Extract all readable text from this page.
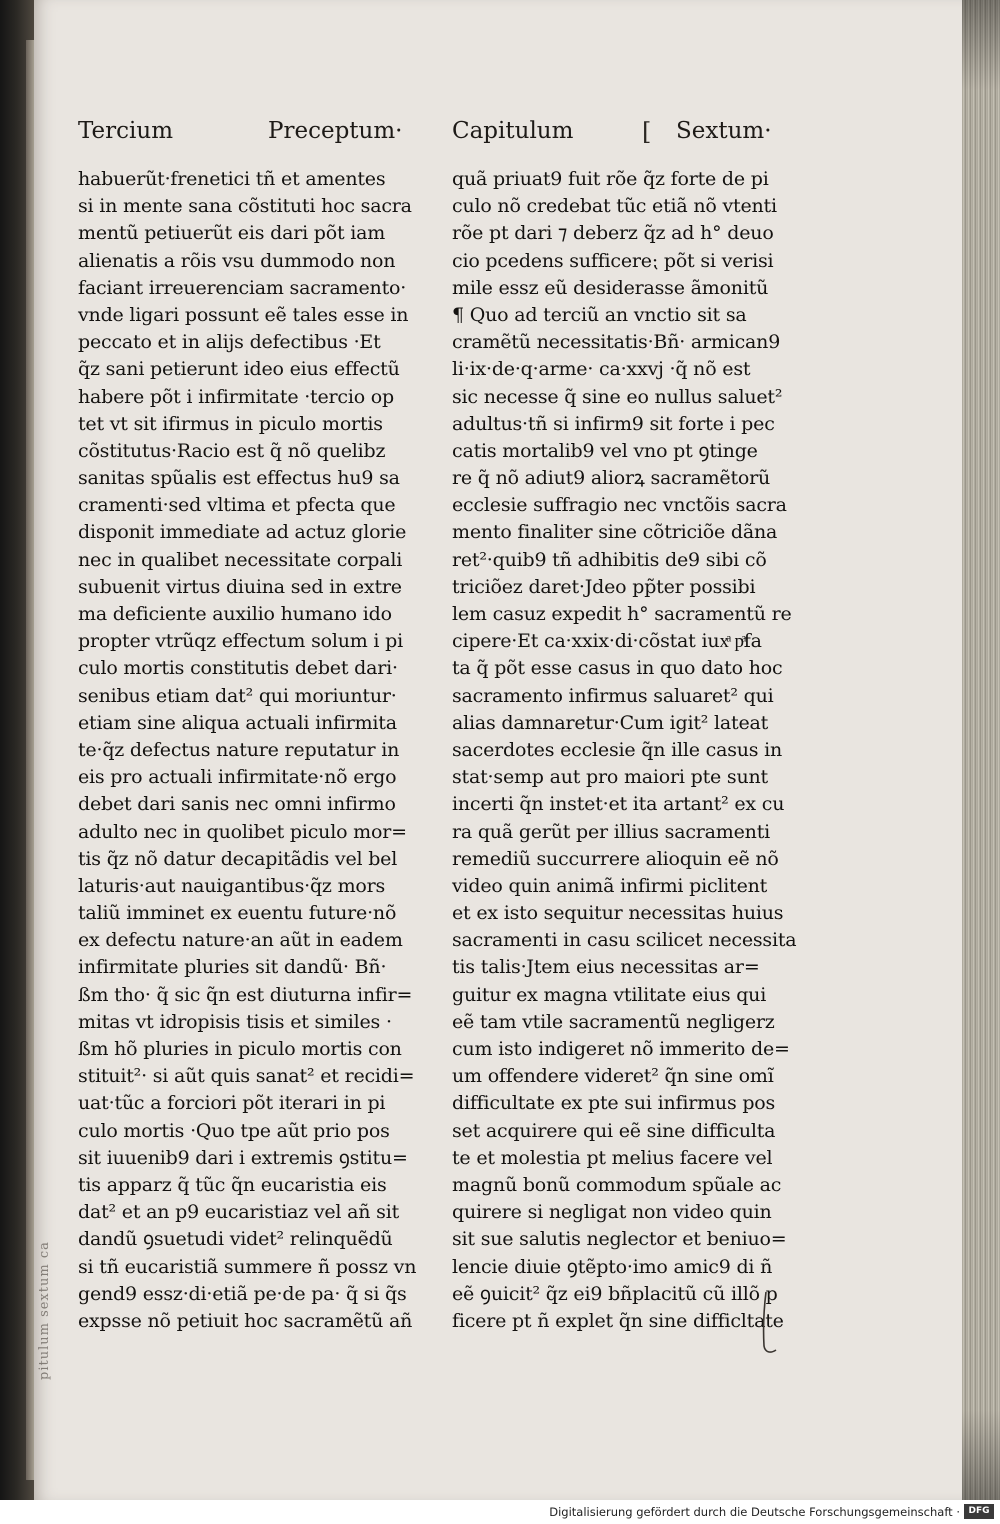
pitulum sextum ca
Tercium	Preceptum· Capitulum	[ Sextum·
habuerũt·frenetici tñ et amentes
si in mente sana cõstituti hoc sacra
mentũ petiuerũt eis dari põt iam
alienatis a rõis vsu dummodo non
faciant irreuerenciam sacramento·
vnde ligari possunt eẽ tales esse in
peccato et in alijs defectibus ·Et
q̃z sani petierunt ideo eius effectũ
habere põt i infirmitate ·tercio op
tet vt sit ifirmus in piculo mortis
cõstitutus·Racio est q̃ nõ quelibz
sanitas spũalis est effectus hu9 sa
cramenti·sed vltima et pfecta que
disponit immediate ad actuz glorie
nec in qualibet necessitate corpali
subuenit virtus diuina sed in extre
ma deficiente auxilio humano ido
propter vtrũqz effectum solum i pi
culo mortis constitutis debet dari·
senibus etiam dat² qui moriuntur·
etiam sine aliqua actuali infirmita
te·q̃z defectus nature reputatur in
eis pro actuali infirmitate·nõ ergo
debet dari sanis nec omni infirmo
adulto nec in quolibet piculo mor=
tis q̃z nõ datur decapitãdis vel bel
laturis·aut nauigantibus·q̃z mors
taliũ imminet ex euentu future·nõ
ex defectu nature·an aũt in eadem
infirmitate pluries sit dandũ· Bñ·
ßm tho· q̃ sic q̃n est diuturna infir=
mitas vt idropisis tisis et similes ·
ßm hõ pluries in piculo mortis con
stituit²· si aũt quis sanat² et recidi=
uat·tũc a forciori põt iterari in pi
culo mortis ·Quo tpe aũt prio pos
sit iuuenib9 dari i extremis ꝯstitu=
tis apparz q̃ tũc q̃n eucaristia eis
dat² et an p9 eucaristiaz vel añ sit
dandũ ꝯsuetudi videt² relinquẽdũ
si tñ eucaristiã summere ñ possz vn
gend9 essz·di·etiã pe·de pa· q̃ si q̃s
expsse nõ petiuit hoc sacramẽtũ añ
quã priuat9 fuit rõe q̃z forte de pi
culo nõ credebat tũc etiã nõ vtenti
rõe pt dari ⁊ deberz q̃z ad h° deuo
cio pcedens sufficere⁏ põt si verisi
mile essz eũ desiderasse ãmonitũ
¶ Quo ad terciũ an vnctio sit sa
cramẽtũ necessitatis·Bñ· armican9
li·ix·de·q·arme· ca·xxvj ·q̃ nõ est
sic necesse q̃ sine eo nullus saluet²
adultus·tñ si infirm9 sit forte i pec
catis mortalib9 vel vno pt ꝯtinge
re q̃ nõ adiut9 aliorꝝ sacramẽtorũ
ecclesie suffragio nec vnctõis sacra
mento finaliter sine cõtriciõe dãna
ret²·quib9 tñ adhibitis de9 sibi cõ
triciõez daret·Jdeo pp̃ter possibi
lem casuz expedit h° sacramentũ re
cipere·Et ca·xxix·di·cõstat iuxͣ pͣfa
ta q̃ põt esse casus in quo dato hoc
sacramento infirmus saluaret² qui
alias damnaretur·Cum igit² lateat
sacerdotes ecclesie q̃n ille casus in
stat·semp aut pro maiori pte sunt
incerti q̃n instet·et ita artant² ex cu
ra quã gerũt per illius sacramenti
remediũ succurrere alioquin eẽ nõ
video quin animã infirmi piclitent
et ex isto sequitur necessitas huius
sacramenti in casu scilicet necessita
tis talis·Jtem eius necessitas ar=
guitur ex magna vtilitate eius qui
eẽ tam vtile sacramentũ negligerz
cum isto indigeret nõ immerito de=
um offendere videret² q̃n sine omĩ
difficultate ex pte sui infirmus pos
set acquirere qui eẽ sine difficulta
te et molestia pt melius facere vel
magnũ bonũ commodum spũale ac
quirere si negligat non video quin
sit sue salutis neglector et beniuo=
lencie diuie ꝯtẽpto·imo amic9 di ñ
eẽ ꝯuicit² q̃z ei9 bñplacitũ cũ illõ p
ficere pt ñ explet q̃n sine difficltate
Digitalisierung gefördert durch die Deutsche Forschungsgemeinschaft · DFG
